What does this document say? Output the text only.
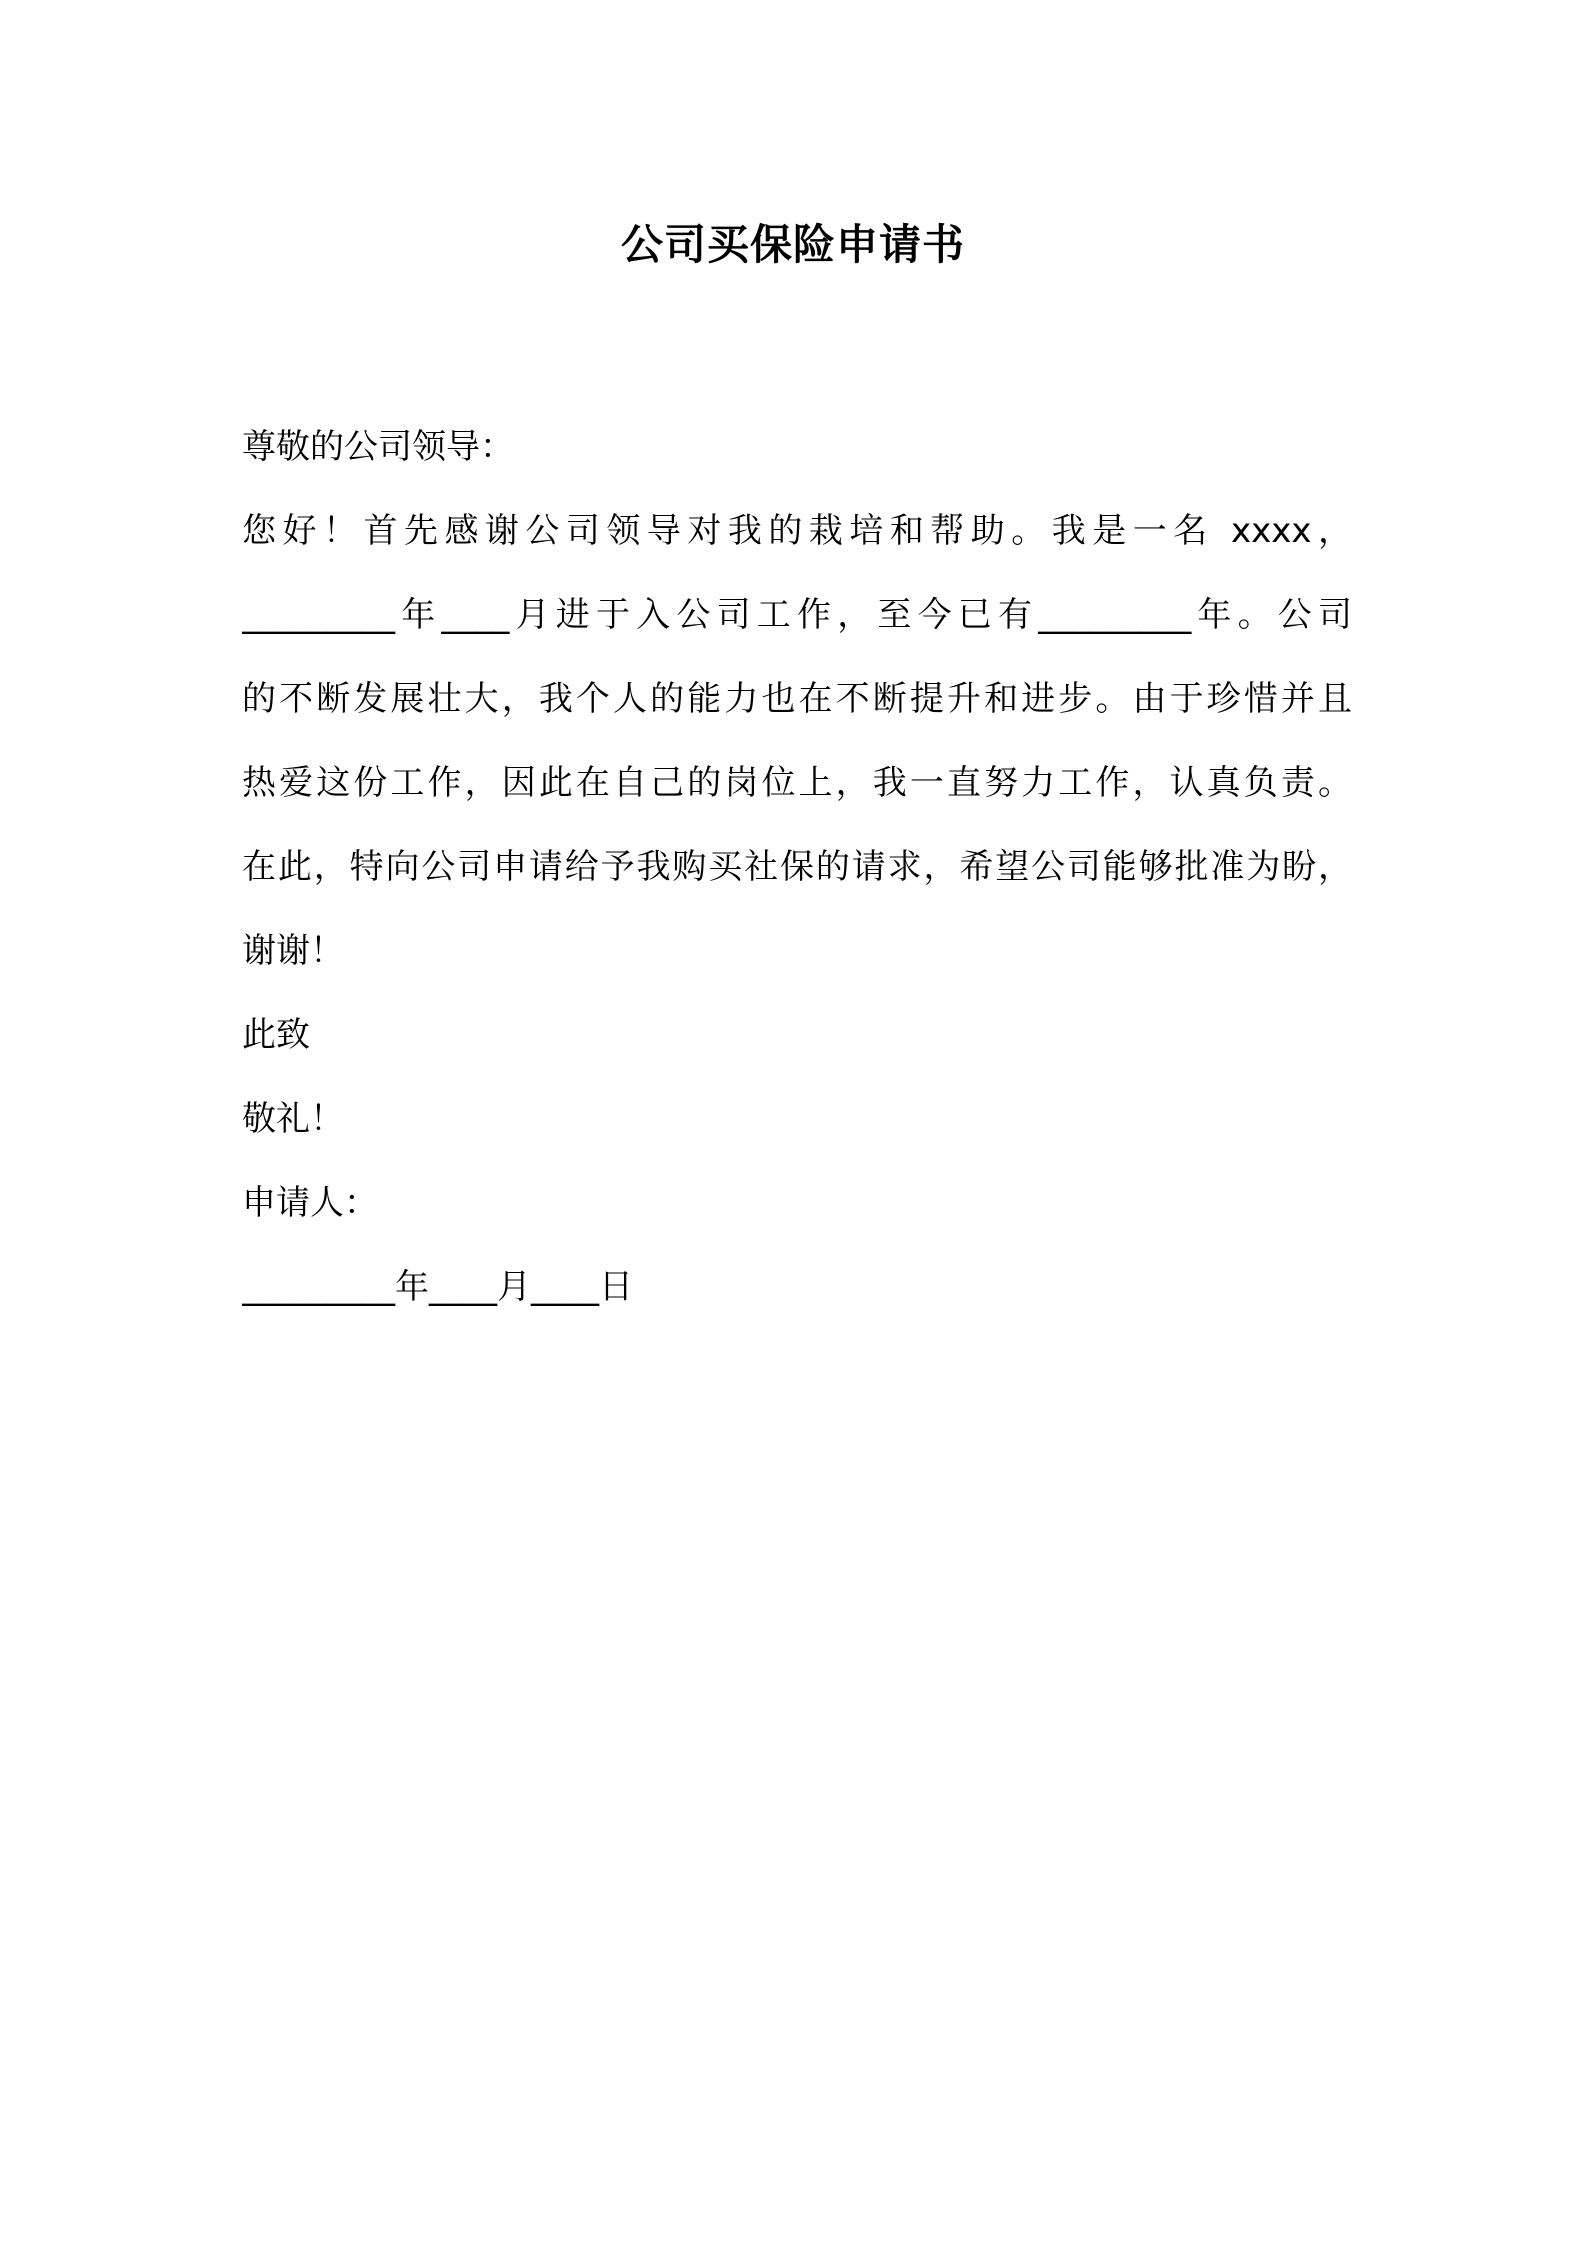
公司买保险申请书
尊敬的公司领导：
您好！首先感谢公司领导对我的栽培和帮助。我是一名 xxxx，
_________年____月进于入公司工作，至今已有_________年。公司
的不断发展壮大，我个人的能力也在不断提升和进步。由于珍惜并且
热爱这份工作，因此在自己的岗位上，我一直努力工作，认真负责。
在此，特向公司申请给予我购买社保的请求，希望公司能够批准为盼，
谢谢！
此致
敬礼！
申请人：
_________年____月____日
